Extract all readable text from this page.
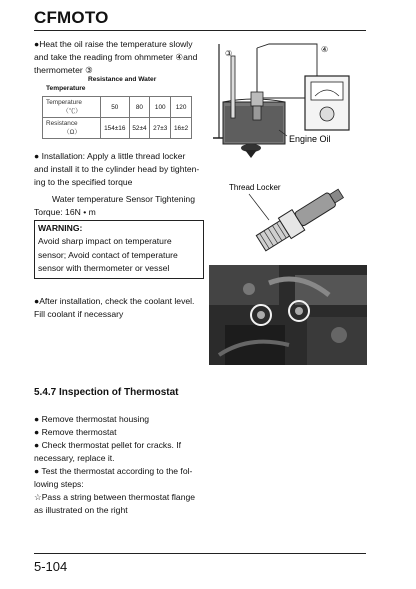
CFMOTO

●Heat the oil raise the temperature slowly

and take the reading from ohmmeter ④and

thermometer ③

Resistance and Water
Temperature
Temperature
（℃）	50	80	100	120

Resistance
（Ω）	154±16	52±4	27±3	16±2

● Installation: Apply a little thread locker

and install it to the cylinder head by tighten-

ing to the specified torque

Water temperature Sensor Tightening

Torque: 16N • m

WARNING:
Avoid sharp impact on temperature
sensor; Avoid contact of temperature
sensor with thermometer or vessel

●After installation, check the coolant level.

Fill coolant if necessary

5.4.7 Inspection of Thermostat

● Remove thermostat housing

● Remove thermostat

● Check thermostat pellet for cracks. If

necessary, replace it.

● Test the thermostat according to the fol-

lowing steps:

☆Pass a string between thermostat flange

as illustrated on the right

③	④
Engine Oil
Thread Locker
5-104
